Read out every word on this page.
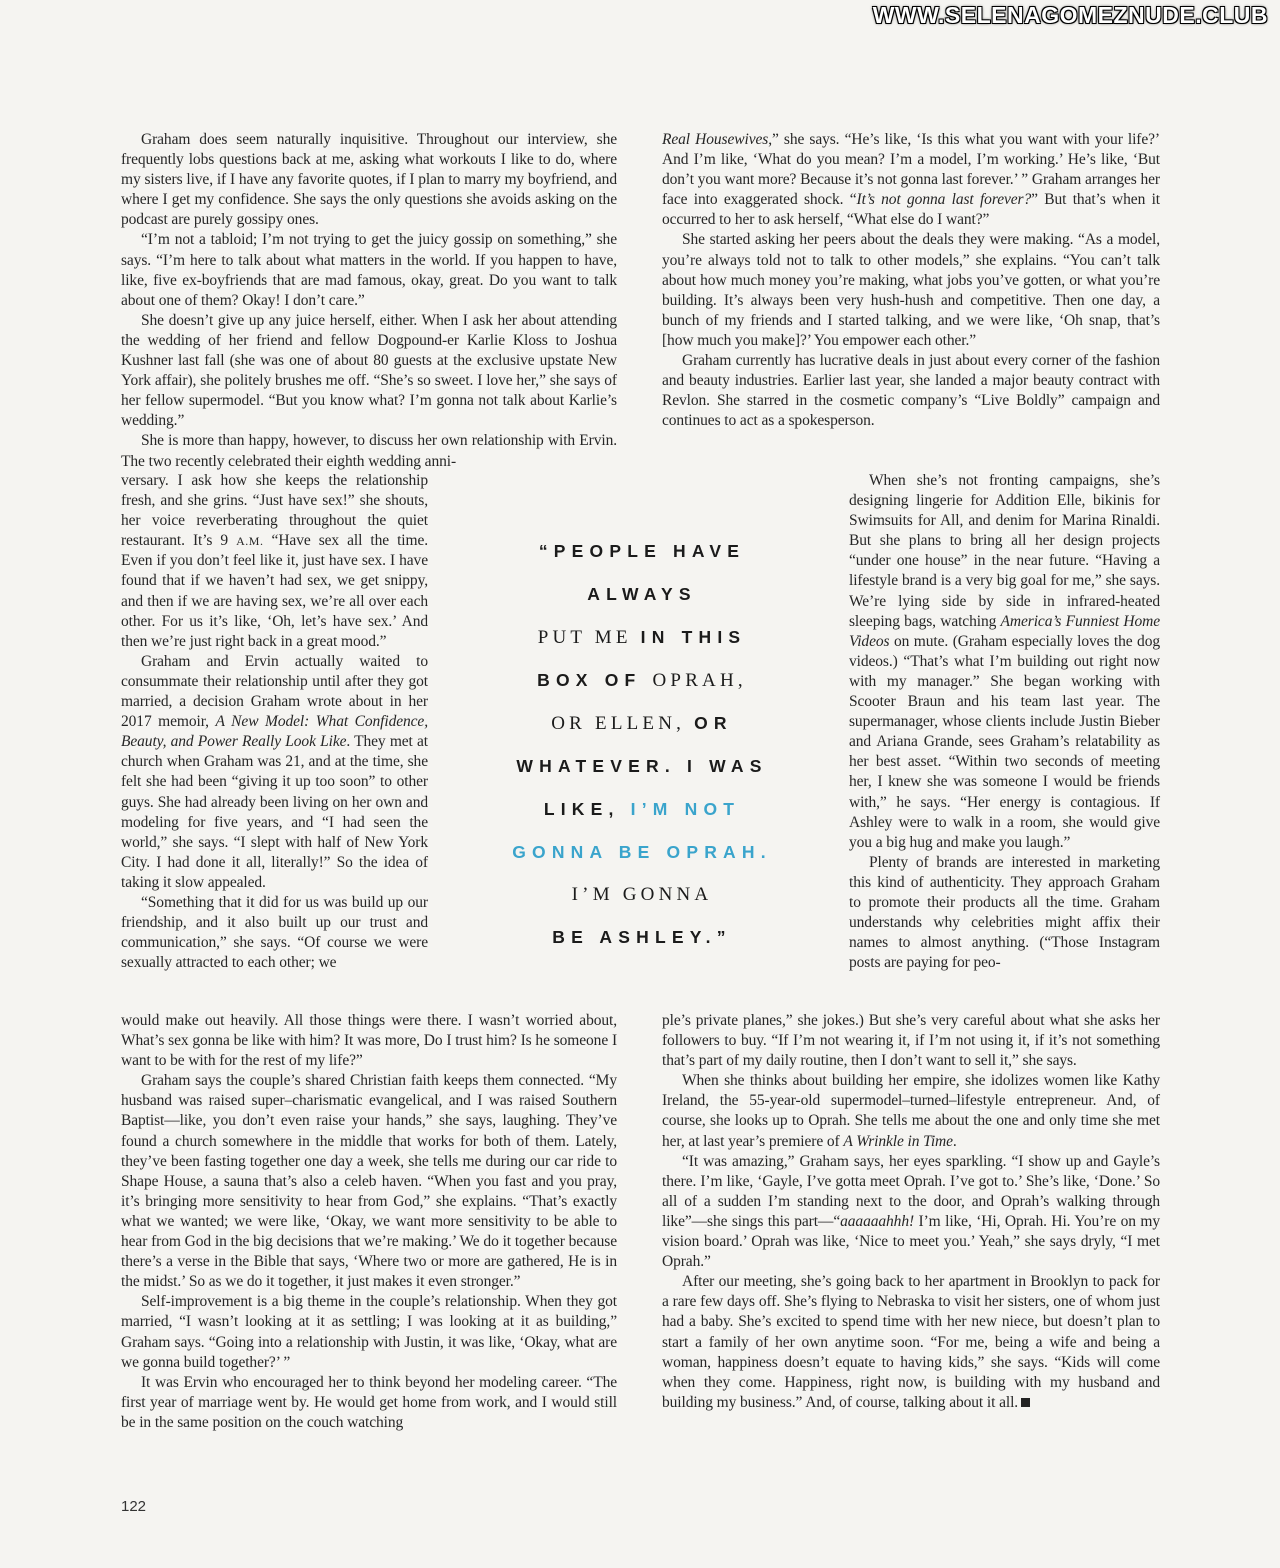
WWW.SELENAGOMEZNUDE.CLUB

Graham does seem naturally inquisitive. Throughout our interview, she frequently lobs questions back at me, asking what workouts I like to do, where my sisters live, if I have any favorite quotes, if I plan to marry my boyfriend, and where I get my confidence. She says the only questions she avoids asking on the podcast are purely gossipy ones.

“I’m not a tabloid; I’m not trying to get the juicy gossip on something,” she says. “I’m here to talk about what matters in the world. If you happen to have, like, five ex-boyfriends that are mad famous, okay, great. Do you want to talk about one of them? Okay! I don’t care.”

She doesn’t give up any juice herself, either. When I ask her about attending the wedding of her friend and fellow Dogpound-er Karlie Kloss to Joshua Kushner last fall (she was one of about 80 guests at the exclusive upstate New York affair), she politely brushes me off. “She’s so sweet. I love her,” she says of her fellow supermodel. “But you know what? I’m gonna not talk about Karlie’s wedding.”

She is more than happy, however, to discuss her own relationship with Ervin. The two recently celebrated their eighth wedding anni-

versary. I ask how she keeps the relationship fresh, and she grins. “Just have sex!” she shouts, her voice reverberating throughout the quiet restaurant. It’s 9 A.M. “Have sex all the time. Even if you don’t feel like it, just have sex. I have found that if we haven’t had sex, we get snippy, and then if we are having sex, we’re all over each other. For us it’s like, ‘Oh, let’s have sex.’ And then we’re just right back in a great mood.”

Graham and Ervin actually waited to consummate their relationship until after they got married, a decision Graham wrote about in her 2017 memoir, A New Model: What Confidence, Beauty, and Power Really Look Like. They met at church when Graham was 21, and at the time, she felt she had been “giving it up too soon” to other guys. She had already been living on her own and modeling for five years, and “I had seen the world,” she says. “I slept with half of New York City. I had done it all, literally!” So the idea of taking it slow appealed.

“Something that it did for us was build up our friendship, and it also built up our trust and communication,” she says. “Of course we were sexually attracted to each other; we

would make out heavily. All those things were there. I wasn’t worried about, What’s sex gonna be like with him? It was more, Do I trust him? Is he someone I want to be with for the rest of my life?”

Graham says the couple’s shared Christian faith keeps them connected. “My husband was raised super–charismatic evangelical, and I was raised Southern Baptist—like, you don’t even raise your hands,” she says, laughing. They’ve found a church somewhere in the middle that works for both of them. Lately, they’ve been fasting together one day a week, she tells me during our car ride to Shape House, a sauna that’s also a celeb haven. “When you fast and you pray, it’s bringing more sensitivity to hear from God,” she explains. “That’s exactly what we wanted; we were like, ‘Okay, we want more sensitivity to be able to hear from God in the big decisions that we’re making.’ We do it together because there’s a verse in the Bible that says, ‘Where two or more are gathered, He is in the midst.’ So as we do it together, it just makes it even stronger.”

Self-improvement is a big theme in the couple’s relationship. When they got married, “I wasn’t looking at it as settling; I was looking at it as building,” Graham says. “Going into a relationship with Justin, it was like, ‘Okay, what are we gonna build together?’ ”

It was Ervin who encouraged her to think beyond her modeling career. “The first year of marriage went by. He would get home from work, and I would still be in the same position on the couch watching

Real Housewives,” she says. “He’s like, ‘Is this what you want with your life?’ And I’m like, ‘What do you mean? I’m a model, I’m working.’ He’s like, ‘But don’t you want more? Because it’s not gonna last forever.’ ” Graham arranges her face into exaggerated shock. “It’s not gonna last forever?” But that’s when it occurred to her to ask herself, “What else do I want?”

She started asking her peers about the deals they were making. “As a model, you’re always told not to talk to other models,” she explains. “You can’t talk about how much money you’re making, what jobs you’ve gotten, or what you’re building. It’s always been very hush-hush and competitive. Then one day, a bunch of my friends and I started talking, and we were like, ‘Oh snap, that’s [how much you make]?’ You empower each other.”

Graham currently has lucrative deals in just about every corner of the fashion and beauty industries. Earlier last year, she landed a major beauty contract with Revlon. She starred in the cosmetic company’s “Live Boldly” campaign and continues to act as a spokesperson.

When she’s not fronting campaigns, she’s designing lingerie for Addition Elle, bikinis for Swimsuits for All, and denim for Marina Rinaldi. But she plans to bring all her design projects “under one house” in the near future. “Having a lifestyle brand is a very big goal for me,” she says. We’re lying side by side in infrared-heated sleeping bags, watching America’s Funniest Home Videos on mute. (Graham especially loves the dog videos.) “That’s what I’m building out right now with my manager.” She began working with Scooter Braun and his team last year. The supermanager, whose clients include Justin Bieber and Ariana Grande, sees Graham’s relatability as her best asset. “Within two seconds of meeting her, I knew she was someone I would be friends with,” he says. “Her energy is contagious. If Ashley were to walk in a room, she would give you a big hug and make you laugh.”

Plenty of brands are interested in marketing this kind of authenticity. They approach Graham to promote their products all the time. Graham understands why celebrities might affix their names to almost anything. (“Those Instagram posts are paying for peo-

ple’s private planes,” she jokes.) But she’s very careful about what she asks her followers to buy. “If I’m not wearing it, if I’m not using it, if it’s not something that’s part of my daily routine, then I don’t want to sell it,” she says.

When she thinks about building her empire, she idolizes women like Kathy Ireland, the 55-year-old supermodel–turned–lifestyle entrepreneur. And, of course, she looks up to Oprah. She tells me about the one and only time she met her, at last year’s premiere of A Wrinkle in Time.

“It was amazing,” Graham says, her eyes sparkling. “I show up and Gayle’s there. I’m like, ‘Gayle, I’ve gotta meet Oprah. I’ve got to.’ She’s like, ‘Done.’ So all of a sudden I’m standing next to the door, and Oprah’s walking through like”—she sings this part—“aaaaaahhh! I’m like, ‘Hi, Oprah. Hi. You’re on my vision board.’ Oprah was like, ‘Nice to meet you.’ Yeah,” she says dryly, “I met Oprah.”

After our meeting, she’s going back to her apartment in Brooklyn to pack for a rare few days off. She’s flying to Nebraska to visit her sisters, one of whom just had a baby. She’s excited to spend time with her new niece, but doesn’t plan to start a family of her own anytime soon. “For me, being a wife and being a woman, happiness doesn’t equate to having kids,” she says. “Kids will come when they come. Happiness, right now, is building with my husband and building my business.” And, of course, talking about it all.

“PEOPLE HAVE
ALWAYS
PUT ME IN THIS
BOX OF OPRAH,
OR ELLEN, OR
WHATEVER. I WAS
LIKE, I’M NOT
GONNA BE OPRAH.
I’M GONNA
BE ASHLEY.”
122
